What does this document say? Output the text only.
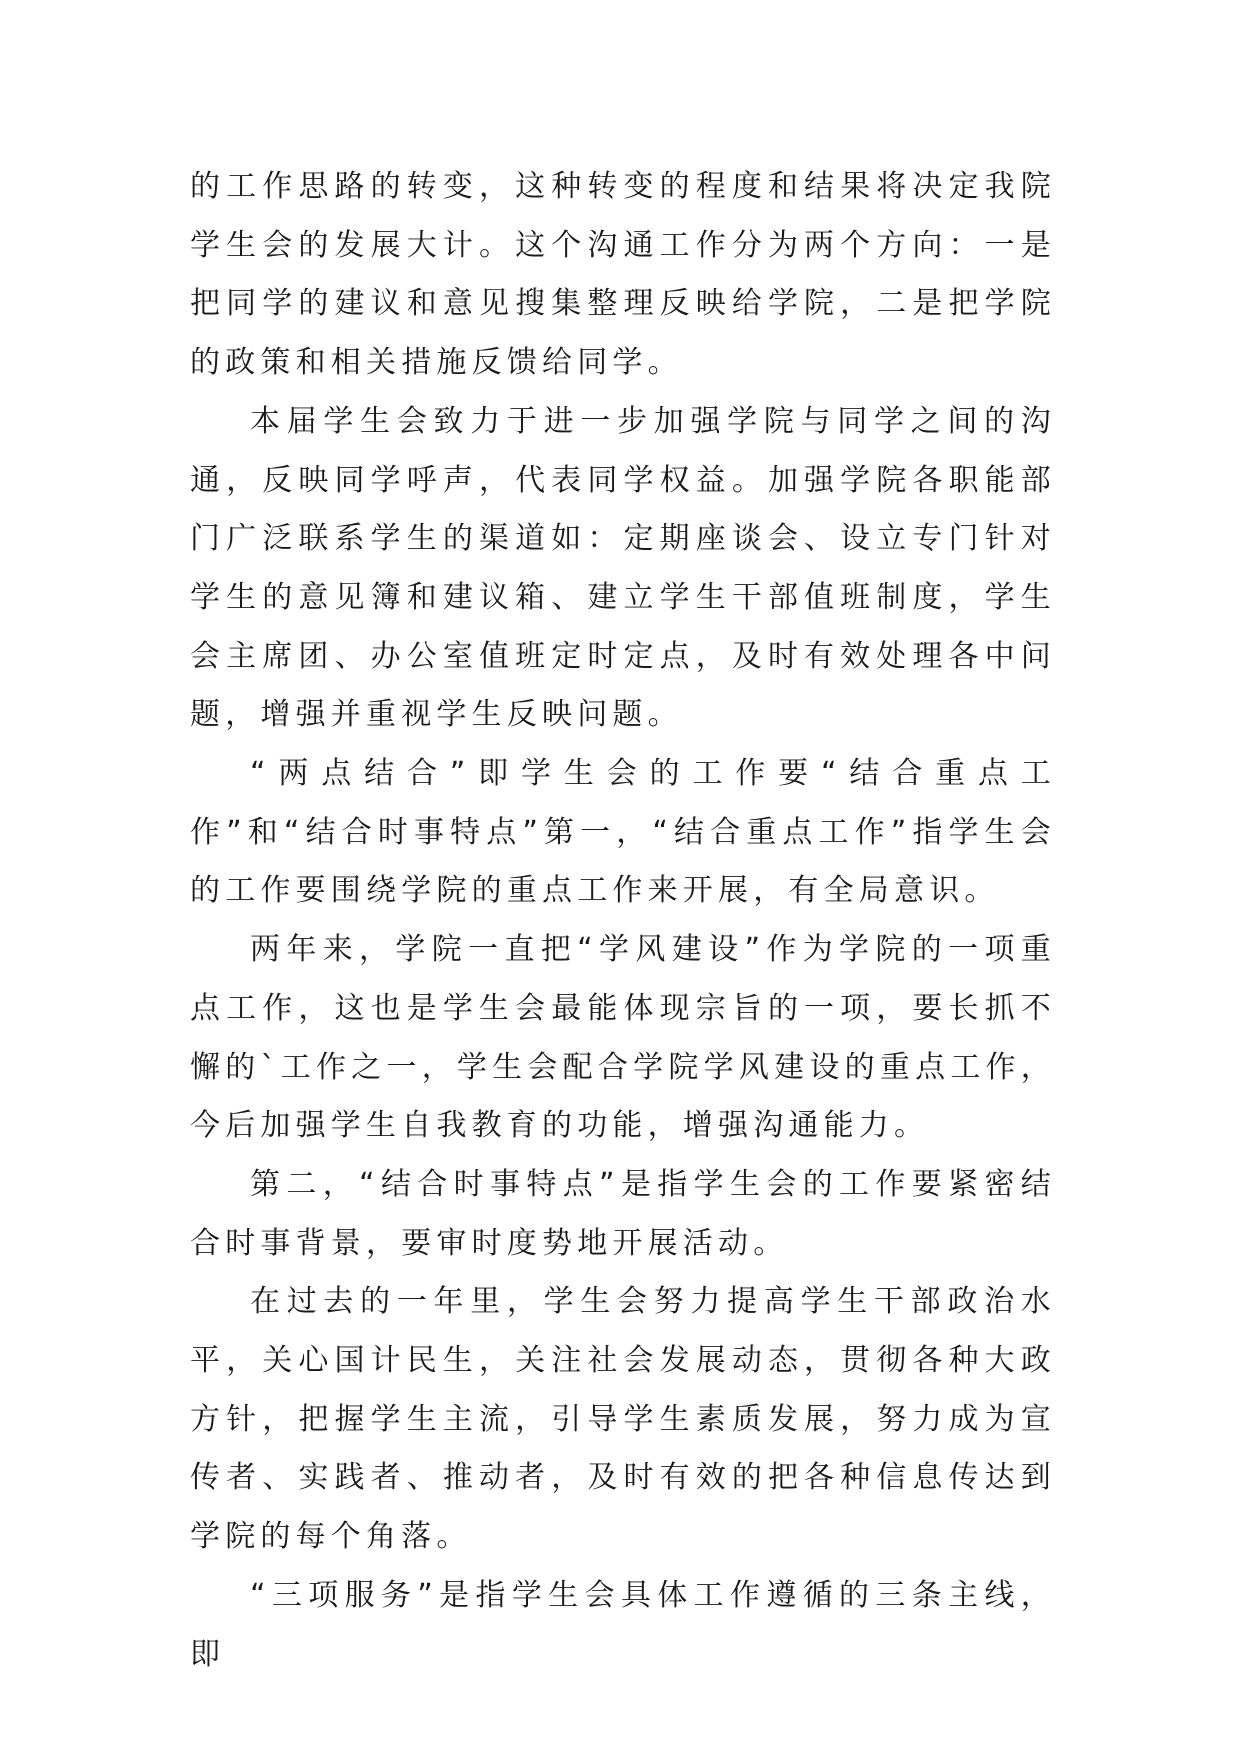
的工作思路的转变，这种转变的程度和结果将决定我院学生会的发展大计。这个沟通工作分为两个方向：一是把同学的建议和意见搜集整理反映给学院，二是把学院的政策和相关措施反馈给同学。

本届学生会致力于进一步加强学院与同学之间的沟通，反映同学呼声，代表同学权益。加强学院各职能部门广泛联系学生的渠道如：定期座谈会、设立专门针对学生的意见簿和建议箱、建立学生干部值班制度，学生会主席团、办公室值班定时定点，及时有效处理各中问题，增强并重视学生反映问题。

“两点结合”即学生会的工作要“结合重点工作”和“结合时事特点”第一，“结合重点工作”指学生会的工作要围绕学院的重点工作来开展，有全局意识。

两年来，学院一直把“学风建设”作为学院的一项重点工作，这也是学生会最能体现宗旨的一项，要长抓不懈的`工作之一，学生会配合学院学风建设的重点工作，今后加强学生自我教育的功能，增强沟通能力。

第二，“结合时事特点”是指学生会的工作要紧密结合时事背景，要审时度势地开展活动。

在过去的一年里，学生会努力提高学生干部政治水平，关心国计民生，关注社会发展动态，贯彻各种大政方针，把握学生主流，引导学生素质发展，努力成为宣传者、实践者、推动者，及时有效的把各种信息传达到学院的每个角落。

“三项服务”是指学生会具体工作遵循的三条主线，即
